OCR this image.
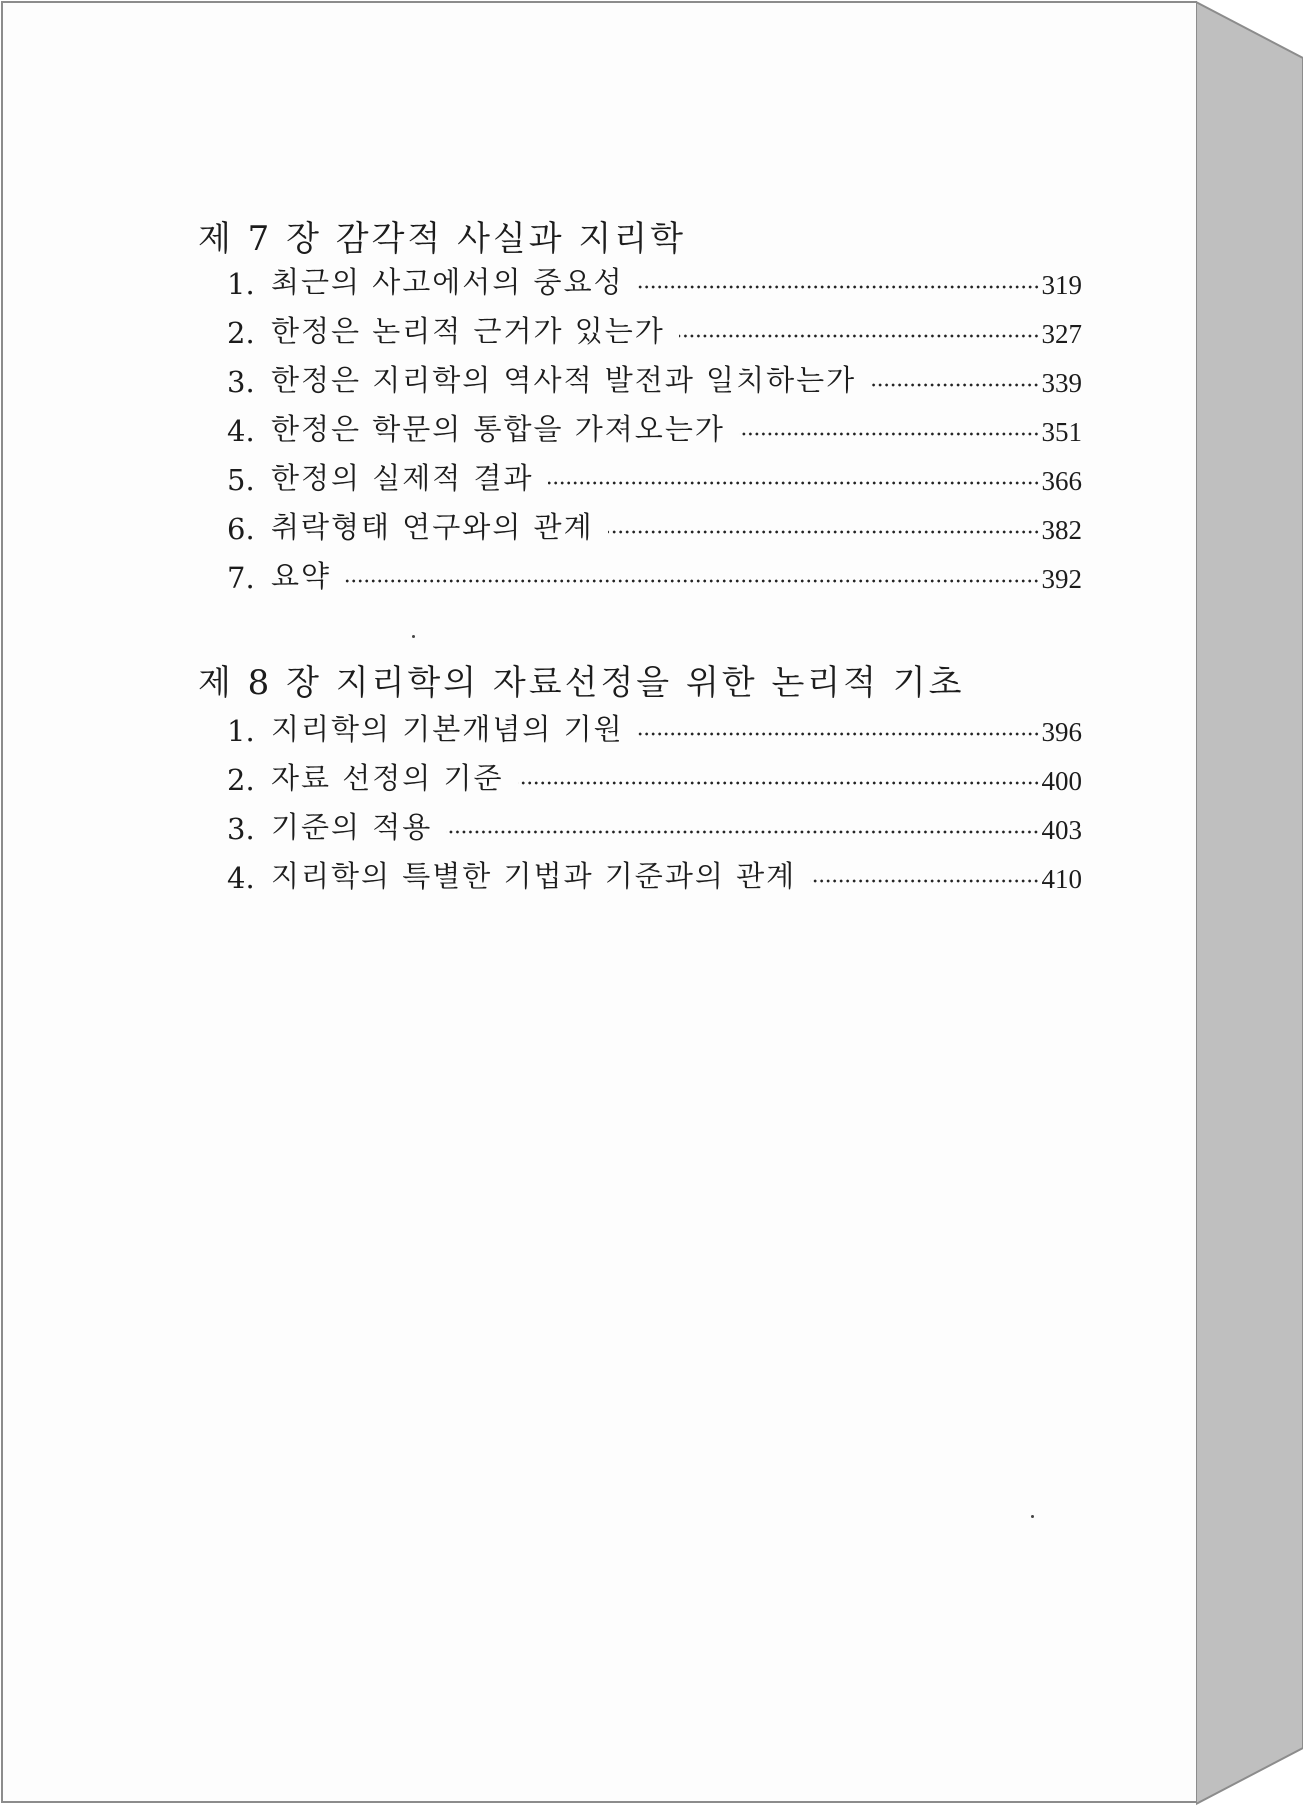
제 7 장 감각적 사실과 지리학
1. 최근의 사고에서의 중요성	319
2. 한정은 논리적 근거가 있는가	327
3. 한정은 지리학의 역사적 발전과 일치하는가	339
4. 한정은 학문의 통합을 가져오는가	351
5. 한정의 실제적 결과	366
6. 취락형태 연구와의 관계	382
7. 요약	392
제 8 장 지리학의 자료선정을 위한 논리적 기초
1. 지리학의 기본개념의 기원	396
2. 자료 선정의 기준	400
3. 기준의 적용	403
4. 지리학의 특별한 기법과 기준과의 관계	410
